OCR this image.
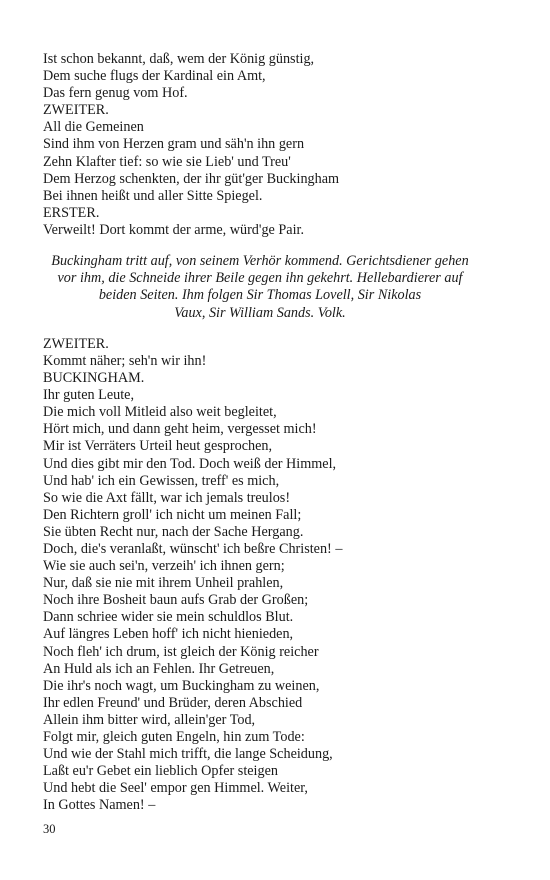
Ist schon bekannt, daß, wem der König günstig,
Dem suche flugs der Kardinal ein Amt,
Das fern genug vom Hof.
ZWEITER.
All die Gemeinen
Sind ihm von Herzen gram und säh'n ihn gern
Zehn Klafter tief: so wie sie Lieb' und Treu'
Dem Herzog schenkten, der ihr güt'ger Buckingham
Bei ihnen heißt und aller Sitte Spiegel.
ERSTER.
Verweilt! Dort kommt der arme, würd'ge Pair.
Buckingham tritt auf, von seinem Verhör kommend. Gerichtsdiener gehen
vor ihm, die Schneide ihrer Beile gegen ihn gekehrt. Hellebardierer auf
beiden Seiten. Ihm folgen Sir Thomas Lovell, Sir Nikolas
Vaux, Sir William Sands. Volk.
ZWEITER.
Kommt näher; seh'n wir ihn!
BUCKINGHAM.
Ihr guten Leute,
Die mich voll Mitleid also weit begleitet,
Hört mich, und dann geht heim, vergesset mich!
Mir ist Verräters Urteil heut gesprochen,
Und dies gibt mir den Tod. Doch weiß der Himmel,
Und hab' ich ein Gewissen, treff' es mich,
So wie die Axt fällt, war ich jemals treulos!
Den Richtern groll' ich nicht um meinen Fall;
Sie übten Recht nur, nach der Sache Hergang.
Doch, die's veranlaßt, wünscht' ich beßre Christen! –
Wie sie auch sei'n, verzeih' ich ihnen gern;
Nur, daß sie nie mit ihrem Unheil prahlen,
Noch ihre Bosheit baun aufs Grab der Großen;
Dann schriee wider sie mein schuldlos Blut.
Auf längres Leben hoff' ich nicht hienieden,
Noch fleh' ich drum, ist gleich der König reicher
An Huld als ich an Fehlen. Ihr Getreuen,
Die ihr's noch wagt, um Buckingham zu weinen,
Ihr edlen Freund' und Brüder, deren Abschied
Allein ihm bitter wird, allein'ger Tod,
Folgt mir, gleich guten Engeln, hin zum Tode:
Und wie der Stahl mich trifft, die lange Scheidung,
Laßt eu'r Gebet ein lieblich Opfer steigen
Und hebt die Seel' empor gen Himmel. Weiter,
In Gottes Namen! –
30
